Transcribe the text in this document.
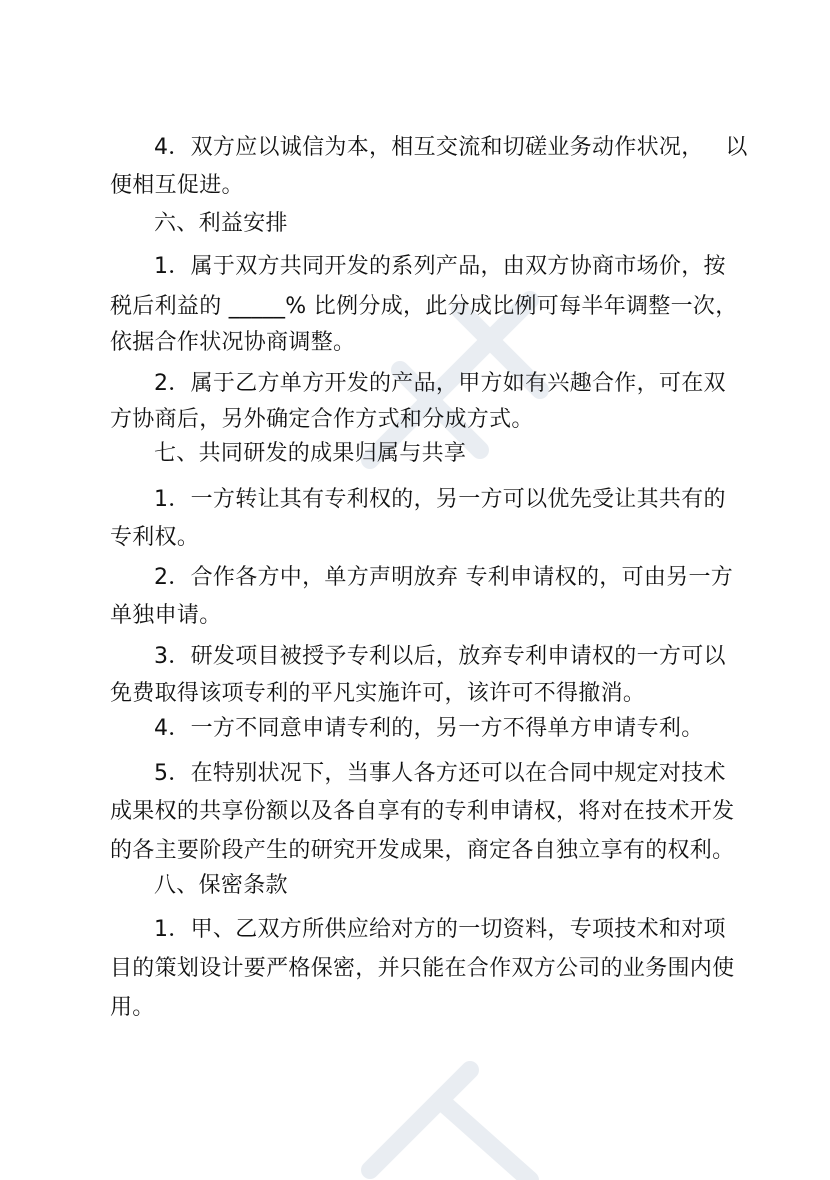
4．双方应以诚信为本，相互交流和切磋业务动作状况，   以
便相互促进。
六、利益安排
1．属于双方共同开发的系列产品，由双方协商市场价，按
税后利益的 _____% 比例分成，此分成比例可每半年调整一次，
依据合作状况协商调整。
2．属于乙方单方开发的产品，甲方如有兴趣合作，可在双
方协商后，另外确定合作方式和分成方式。
七、共同研发的成果归属与共享
1．一方转让其有专利权的，另一方可以优先受让其共有的
专利权。
2．合作各方中，单方声明放弃 专利申请权的，可由另一方
单独申请。
3．研发项目被授予专利以后，放弃专利申请权的一方可以
免费取得该项专利的平凡实施许可，该许可不得撤消。
4．一方不同意申请专利的，另一方不得单方申请专利。
5．在特别状况下，当事人各方还可以在合同中规定对技术
成果权的共享份额以及各自享有的专利申请权，将对在技术开发
的各主要阶段产生的研究开发成果，商定各自独立享有的权利。
八、保密条款
1．甲、乙双方所供应给对方的一切资料，专项技术和对项
目的策划设计要严格保密，并只能在合作双方公司的业务围内使
用。
